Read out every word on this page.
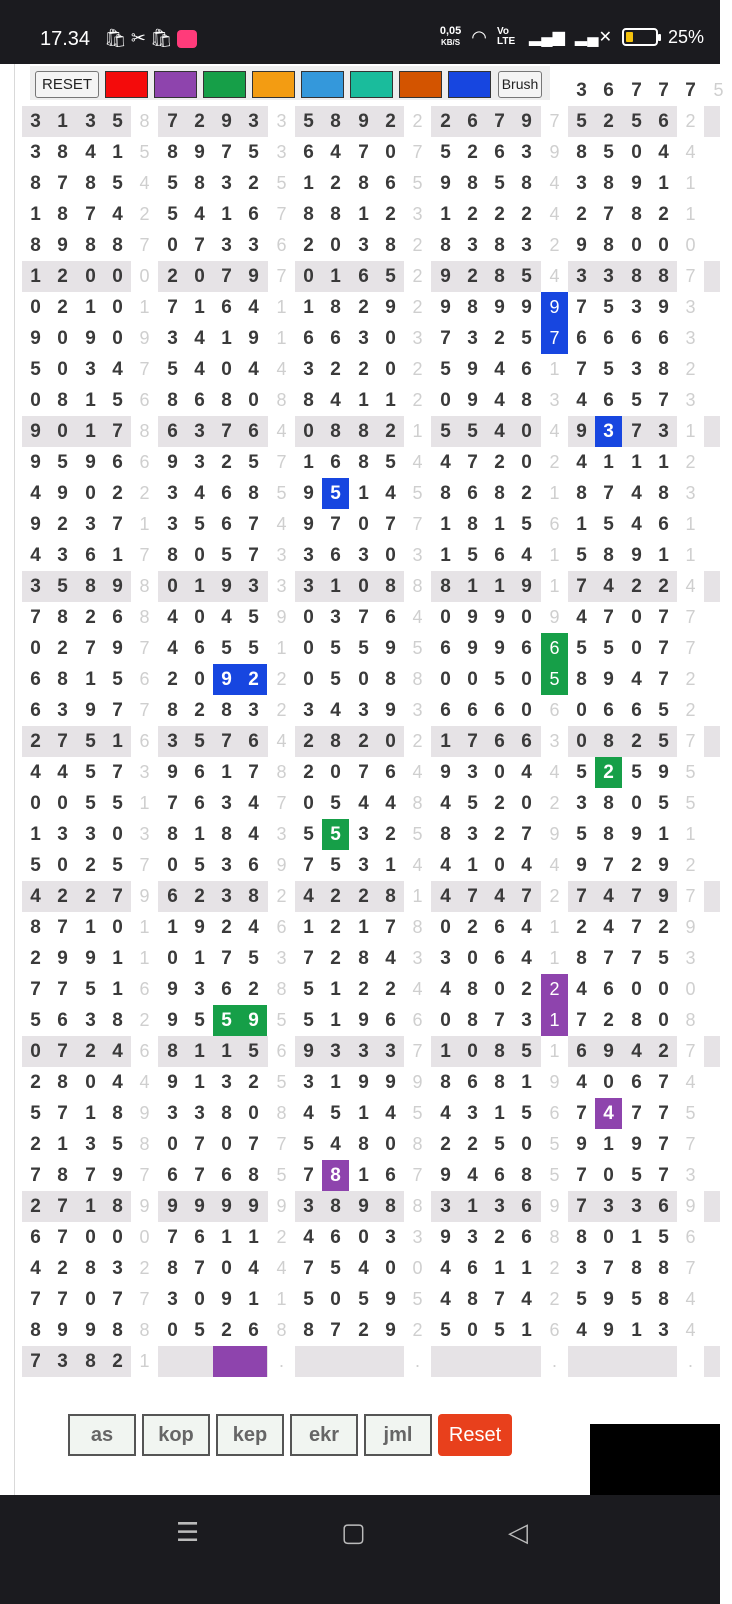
17.34 🛍✂🛍	0,05
KB/S ◠ Vo LTE ▂▄▆ ▂▄✕	25%
3 6 7 7 7 5
3 1 3 5 8 7 2 9 3 3 5 8 9 2 2 2 6 7 9 7 5 2 5 6 2
3 8 4 1 5 8 9 7 5 3 6 4 7 0 7 5 2 6 3 9 8 5 0 4 4
8 7 8 5 4 5 8 3 2 5 1 2 8 6 5 9 8 5 8 4 3 8 9 1 1
1 8 7 4 2 5 4 1 6 7 8 8 1 2 3 1 2 2 2 4 2 7 8 2 1
8 9 8 8 7 0 7 3 3 6 2 0 3 8 2 8 3 8 3 2 9 8 0 0 0
1 2 0 0 0 2 0 7 9 7 0 1 6 5 2 9 2 8 5 4 3 3 8 8 7
0 2 1 0 1 7 1 6 4 1 1 8 2 9 2 9 8 9 9 9 7 5 3 9 3
9 0 9 0 9 3 4 1 9 1 6 6 3 0 3 7 3 2 5 7 6 6 6 6 3
5 0 3 4 7 5 4 0 4 4 3 2 2 0 2 5 9 4 6 1 7 5 3 8 2
0 8 1 5 6 8 6 8 0 8 8 4 1 1 2 0 9 4 8 3 4 6 5 7 3
9 0 1 7 8 6 3 7 6 4 0 8 8 2 1 5 5 4 0 4 9 3 7 3 1
9 5 9 6 6 9 3 2 5 7 1 6 8 5 4 4 7 2 0 2 4 1 1 1 2
4 9 0 2 2 3 4 6 8 5 9 5 1 4 5 8 6 8 2 1 8 7 4 8 3
9 2 3 7 1 3 5 6 7 4 9 7 0 7 7 1 8 1 5 6 1 5 4 6 1
4 3 6 1 7 8 0 5 7 3 3 6 3 0 3 1 5 6 4 1 5 8 9 1 1
3 5 8 9 8 0 1 9 3 3 3 1 0 8 8 8 1 1 9 1 7 4 2 2 4
7 8 2 6 8 4 0 4 5 9 0 3 7 6 4 0 9 9 0 9 4 7 0 7 7
0 2 7 9 7 4 6 5 5 1 0 5 5 9 5 6 9 9 6 6 5 5 0 7 7
6 8 1 5 6 2 0 9 2 2 0 5 0 8 8 0 0 5 0 5 8 9 4 7 2
6 3 9 7 7 8 2 8 3 2 3 4 3 9 3 6 6 6 0 6 0 6 6 5 2
2 7 5 1 6 3 5 7 6 4 2 8 2 0 2 1 7 6 6 3 0 8 2 5 7
4 4 5 7 3 9 6 1 7 8 2 0 7 6 4 9 3 0 4 4 5 2 5 9 5
0 0 5 5 1 7 6 3 4 7 0 5 4 4 8 4 5 2 0 2 3 8 0 5 5
1 3 3 0 3 8 1 8 4 3 5 5 3 2 5 8 3 2 7 9 5 8 9 1 1
5 0 2 5 7 0 5 3 6 9 7 5 3 1 4 4 1 0 4 4 9 7 2 9 2
4 2 2 7 9 6 2 3 8 2 4 2 2 8 1 4 7 4 7 2 7 4 7 9 7
8 7 1 0 1 1 9 2 4 6 1 2 1 7 8 0 2 6 4 1 2 4 7 2 9
2 9 9 1 1 0 1 7 5 3 7 2 8 4 3 3 0 6 4 1 8 7 7 5 3
7 7 5 1 6 9 3 6 2 8 5 1 2 2 4 4 8 0 2 2 4 6 0 0 0
5 6 3 8 2 9 5 5 9 5 5 1 9 6 6 0 8 7 3 1 7 2 8 0 8
0 7 2 4 6 8 1 1 5 6 9 3 3 3 7 1 0 8 5 1 6 9 4 2 7
2 8 0 4 4 9 1 3 2 5 3 1 9 9 9 8 6 8 1 9 4 0 6 7 4
5 7 1 8 9 3 3 8 0 8 4 5 1 4 5 4 3 1 5 6 7 4 7 7 5
2 1 3 5 8 0 7 0 7 7 5 4 8 0 8 2 2 5 0 5 9 1 9 7 7
7 8 7 9 7 6 7 6 8 5 7 8 1 6 7 9 4 6 8 5 7 0 5 7 3
2 7 1 8 9 9 9 9 9 9 3 8 9 8 8 3 1 3 6 9 7 3 3 6 9
6 7 0 0 0 7 6 1 1 2 4 6 0 3 3 9 3 2 6 8 8 0 1 5 6
4 2 8 3 2 8 7 0 4 4 7 5 4 0 0 4 6 1 1 2 3 7 8 8 7
7 7 0 7 7 3 0 9 1 1 5 0 5 9 5 4 8 7 4 2 5 9 5 8 4
8 9 9 8 8 0 5 2 6 8 8 7 2 9 2 5 0 5 1 6 4 9 1 3 4
7 3 8 2 1	.	.	.	.
RESET	Brush
as	kop	kep	ekr	jml	Reset
☰	▢	◁
